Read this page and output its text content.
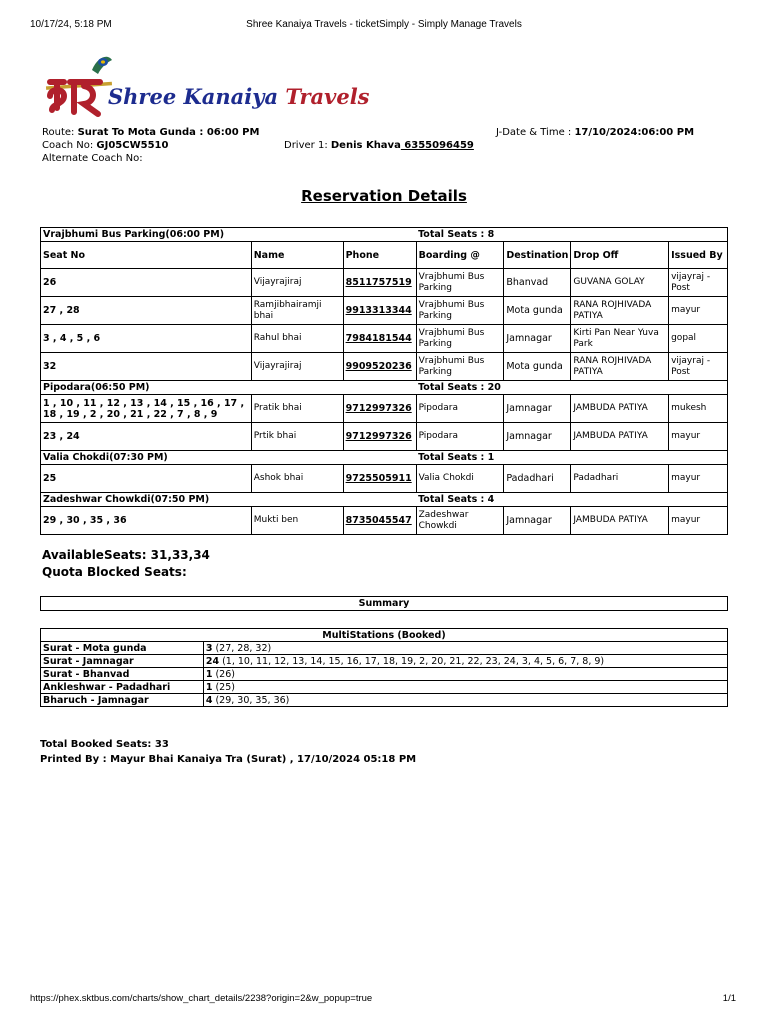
10/17/24, 5:18 PM	Shree Kanaiya Travels - ticketSimply - Simply Manage Travels
Shree Kanaiya Travels
Route: Surat To Mota Gunda : 06:00 PM	J-Date & Time : 17/10/2024:06:00 PM
Coach No: GJ05CW5510	Driver 1: Denis Khava 6355096459
Alternate Coach No:
Reservation Details
Vrajbhumi Bus Parking(06:00 PM)			Total Seats : 8			
Seat No	Name	Phone	Boarding @	Destination	Drop Off	Issued By
26	Vijayrajiraj	8511757519	Vrajbhumi Bus Parking	Bhanvad	GUVANA GOLAY	vijayraj - Post
27 , 28	Ramjibhairamji bhai	9913313344	Vrajbhumi Bus Parking	Mota gunda	RANA ROJHIVADA PATIYA	mayur
3 , 4 , 5 , 6	Rahul bhai	7984181544	Vrajbhumi Bus Parking	Jamnagar	Kirti Pan Near Yuva Park	gopal
32	Vijayrajiraj	9909520236	Vrajbhumi Bus Parking	Mota gunda	RANA ROJHIVADA PATIYA	vijayraj - Post
Pipodara(06:50 PM)			Total Seats : 20			
1 , 10 , 11 , 12 , 13 , 14 , 15 , 16 , 17 , 18 , 19 , 2 , 20 , 21 , 22 , 7 , 8 , 9	Pratik bhai	9712997326	Pipodara	Jamnagar	JAMBUDA PATIYA	mukesh
23 , 24	Prtik bhai	9712997326	Pipodara	Jamnagar	JAMBUDA PATIYA	mayur
Valia Chokdi(07:30 PM)			Total Seats : 1			
25	Ashok bhai	9725505911	Valia Chokdi	Padadhari	Padadhari	mayur
Zadeshwar Chowkdi(07:50 PM)			Total Seats : 4			
29 , 30 , 35 , 36	Mukti ben	8735045547	Zadeshwar Chowkdi	Jamnagar	JAMBUDA PATIYA	mayur
AvailableSeats: 31,33,34
Quota Blocked Seats:
Summary
MultiStations (Booked)	
Surat - Mota gunda	3 (27, 28, 32)
Surat - Jamnagar	24 (1, 10, 11, 12, 13, 14, 15, 16, 17, 18, 19, 2, 20, 21, 22, 23, 24, 3, 4, 5, 6, 7, 8, 9)
Surat - Bhanvad	1 (26)
Ankleshwar - Padadhari	1 (25)
Bharuch - Jamnagar	4 (29, 30, 35, 36)
Total Booked Seats: 33
Printed By : Mayur Bhai Kanaiya Tra (Surat) , 17/10/2024 05:18 PM
https://phex.sktbus.com/charts/show_chart_details/2238?origin=2&w_popup=true	1/1
